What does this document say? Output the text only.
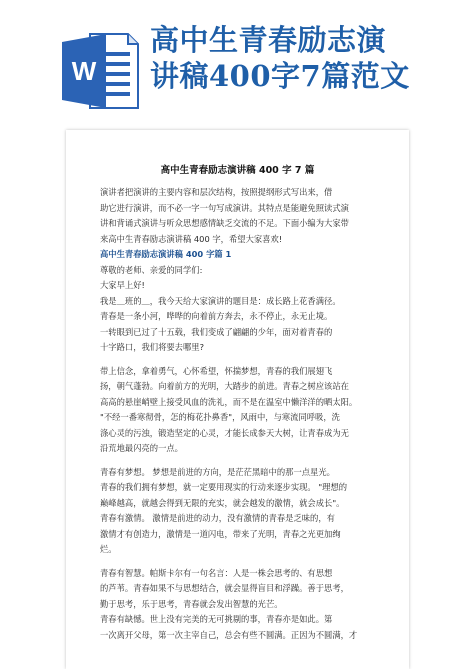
W
高中生青春励志演
讲稿400字7篇范文
高中生青春励志演讲稿 400 字 7 篇

演讲者把演讲的主要内容和层次结构，按照提纲形式写出来，借

助它进行演讲，而不必一字一句写成演讲。其特点是能避免照读式演

讲和背诵式演讲与听众思想感情缺乏交流的不足。下面小编为大家带

来高中生青春励志演讲稿 400 字，希望大家喜欢!

高中生青春励志演讲稿 400 字篇 1

尊敬的老师、亲爱的同学们:

大家早上好!

我是＿班的＿，我今天给大家演讲的题目是：成长路上花香满径。

青春是一条小河，哗哗的向着前方奔去，永不停止，永无止境。

一转眼到已过了十五载，我们变成了翩翩的少年，面对着青春的

十字路口，我们将要去哪里?

带上信念，拿着勇气，心怀希望，怀揣梦想，青春的我们展翅飞

扬，朝气蓬勃。向着前方的光明，大踏步的前进。青春之树应该站在

高高的悬崖峭壁上接受风血的洗礼，而不是在温室中懒洋洋的晒太阳。

"不经一番寒彻骨，怎的梅花扑鼻香"，风雨中，与寒流同呼吸，洗

涤心灵的污浊，锻造坚定的心灵，才能长成参天大树，让青春成为无

沿荒地最闪亮的一点。

青春有梦想。 梦想是前进的方向，是茫茫黑暗中的那一点星光。

青春的我们拥有梦想，就一定要用现实的行动来逐步实现。 "理想的

巅峰越高，就越会得到无限的充实，就会越发的激情，就会成长"。

青春有激情。 激情是前进的动力，没有激情的青春是乏味的，有

激情才有创造力，激情是一道闪电，带来了光明，青春之光更加绚

烂。

青春有智慧。帕斯卡尔有一句名言：人是一株会思考的、有思想

的芦苇。青春如果不与思想结合，就会显得盲目和浮躁。善于思考，

勤于思考，乐于思考，青春就会发出智慧的光芒。

青春有缺憾。世上没有完美的无可挑剔的事，青春亦是如此。第

一次离开父母，第一次主宰自己，总会有些不圆满。正因为不圆满，才
